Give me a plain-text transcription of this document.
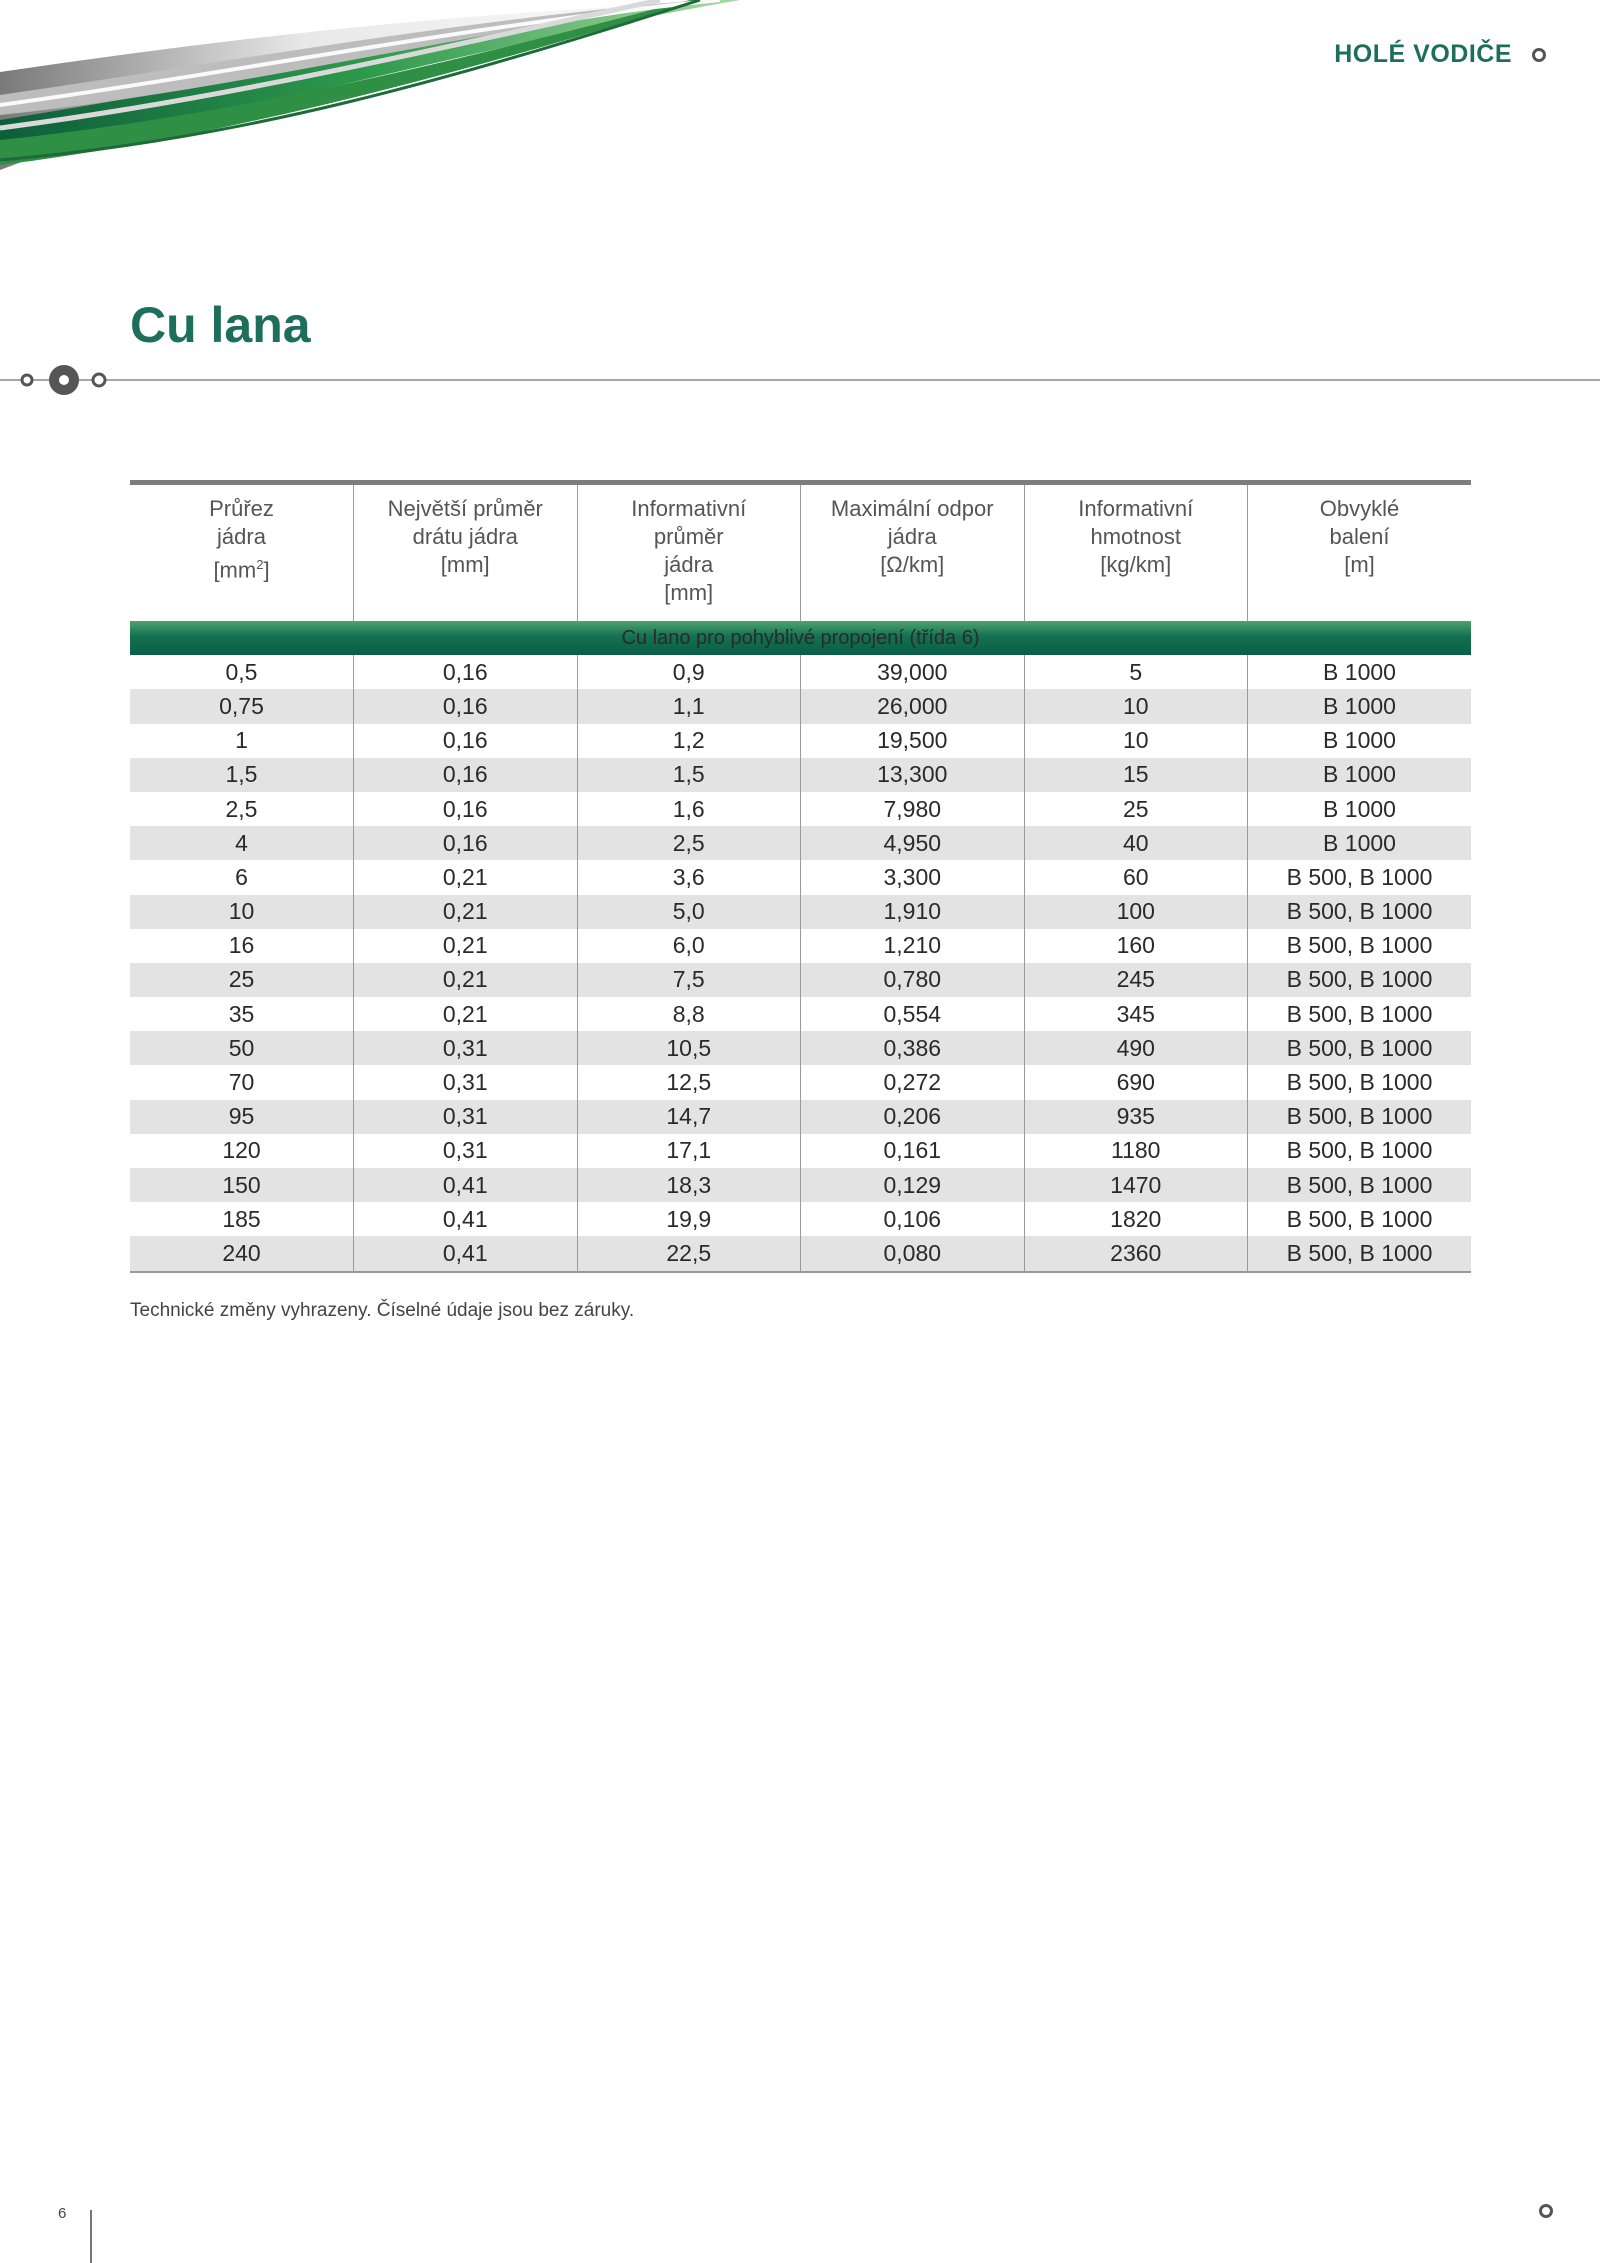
HOLÉ VODIČE
Cu lana
Průřez
jádra
$[mm^2]$	Největší průměr
drátu jádra
[mm]	Informativní
průměr
jádra
[mm]	Maximální odpor
jádra
[Ω/km]	Informativní
hmotnost
[kg/km]	Obvyklé
balení
[m]

Cu lano pro pohyblivé propojení (třída 6)					
0,5	0,16	0,9	39,000	5	B 1000
0,75	0,16	1,1	26,000	10	B 1000
1	0,16	1,2	19,500	10	B 1000
1,5	0,16	1,5	13,300	15	B 1000
2,5	0,16	1,6	7,980	25	B 1000
4	0,16	2,5	4,950	40	B 1000
6	0,21	3,6	3,300	60	B 500, B 1000
10	0,21	5,0	1,910	100	B 500, B 1000
16	0,21	6,0	1,210	160	B 500, B 1000
25	0,21	7,5	0,780	245	B 500, B 1000
35	0,21	8,8	0,554	345	B 500, B 1000
50	0,31	10,5	0,386	490	B 500, B 1000
70	0,31	12,5	0,272	690	B 500, B 1000
95	0,31	14,7	0,206	935	B 500, B 1000
120	0,31	17,1	0,161	1180	B 500, B 1000
150	0,41	18,3	0,129	1470	B 500, B 1000
185	0,41	19,9	0,106	1820	B 500, B 1000
240	0,41	22,5	0,080	2360	B 500, B 1000

Technické změny vyhrazeny. Číselné údaje jsou bez záruky.

6
